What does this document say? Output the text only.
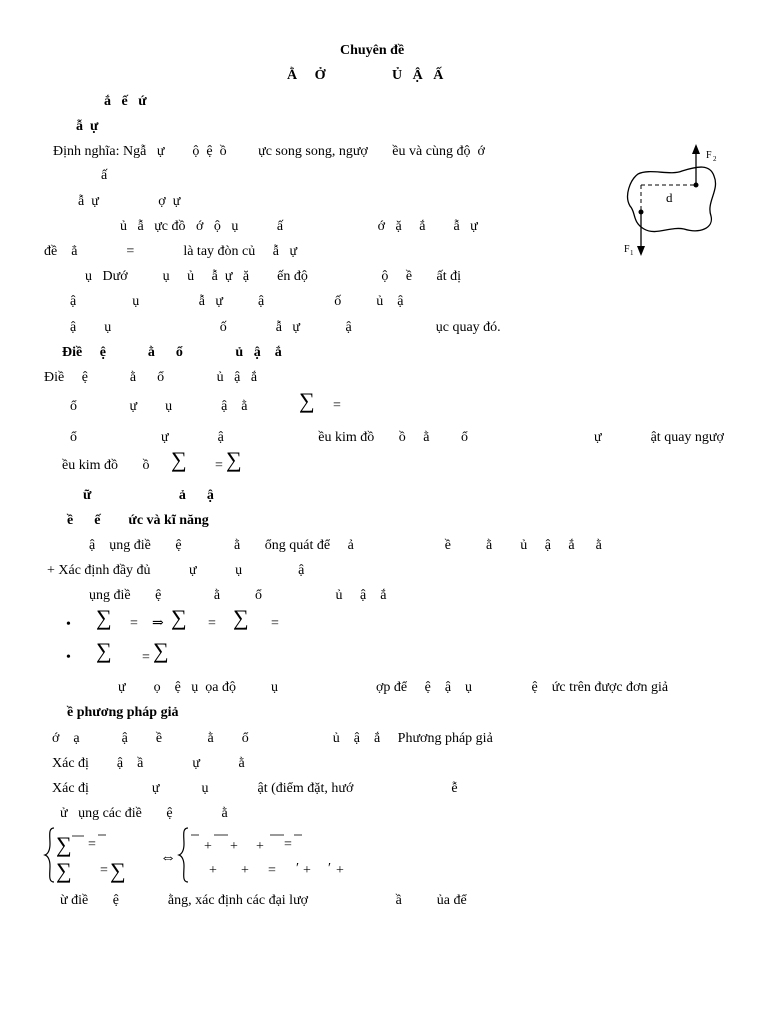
Chuyên đề
Ằ     Ở                   Ủ   Ậ   Ấ
ắ   ế   ứ
ẫ  ự
Định nghĩa: Ngẫ   ự        ộ  ệ  ồ         ực song song, ngượ       ều và cùng độ  ớ
ấ
ẫ  ự                 ợ  ự
ủ   ẫ   ực đồ   ớ   ộ   ụ           ấ                           ớ   ặ     ắ        ẫ   ự
đề    ẳ              =              là tay đòn củ     ẫ   ự
ụ   Dướ          ụ     ủ     ẫ  ự   ặ        ến độ                     ộ     ề       ất đị
ậ                ụ                 ẫ   ự          ậ                    ố          ủ    ậ
ậ        ụ                               ố              ẫ   ự             ậ                        ục quay đó.
d
F 2
F 1
Điề     ệ            ằ      ổ               ủ   ậ    ắ
Điề     ệ            ằ      ổ               ủ   ậ   ắ
ổ               ự        ụ              ậ    ằ ∑ =
ổ                        ự              ậ                           ều kim đồ       ồ     ằ         ổ                                    ự              ật quay ngượ
ều kim đồ       ồ ∑ = ∑
ữ                         ả      ậ
ề      ế        ức và kĩ năng
ậ    ụng điề       ệ               ằ       ổng quát để     ả                          ề          ằ        ủ     ậ     ắ      ằ
+ Xác định đầy đủ           ự           ụ                ậ
ụng điề       ệ               ằ          ổ                     ủ     ậ    ắ
• ∑ = ⇒ ∑ = ∑ =
• ∑ = ∑
ự        ọ    ệ   ụ  ọa độ          ụ                            ợp để     ệ    ậ    ụ                 ệ    ức trên được đơn giả
ề phương pháp giả
ớ    ạ            ậ        ề             ằ        ổ                        ủ    ậ    ắ     Phương pháp giả
Xác đị        ậ    ầ              ự           ằ
Xác đị                  ự            ụ              ật (điểm đặt, hướ                            ễ
ử   ụng các điề       ệ              ằ
∑ =
∑ = ∑
⇔
+ + + =
+ + = ′ + ′ +
ừ điề       ệ              ằng, xác định các đại lượ                         ầ          ủa để
